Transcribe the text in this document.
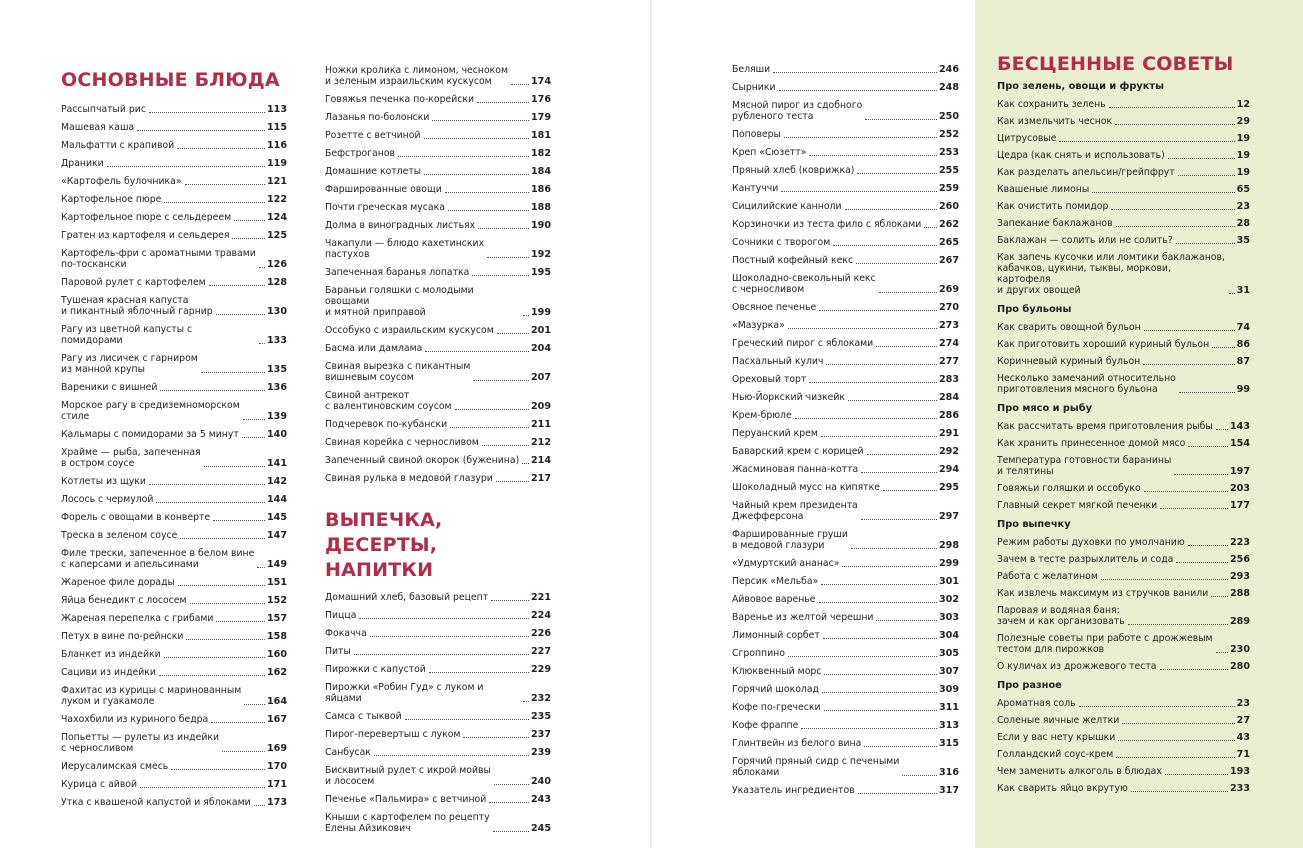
ОСНОВНЫЕ БЛЮДА
Рассыпчатый рис	113
Машевая каша	115
Мальфатти с крапивой	116
Драники	119
«Картофель булочника»	121
Картофельное пюре	122
Картофельное пюре с сельдереем	124
Гратен из картофеля и сельдерея	125
Картофель-фри с ароматными травами
по-тоскански	126
Паровой рулет с картофелем	128
Тушеная красная капуста
и пикантный яблочный гарнир	130
Рагу из цветной капусты с помидорами	133
Рагу из лисичек с гарниром
из манной крупы	135
Вареники с вишней	136
Морское рагу в средиземноморском
стиле	139
Кальмары с помидорами за 5 минут	140
Храйме — рыба, запеченная
в остром соусе	141
Котлеты из щуки	142
Лосось с чермулой	144
Форель с овощами в конверте	145
Треска в зеленом соусе	147
Филе трески, запеченное в белом вине
с каперсами и апельсинами	149
Жареное филе дорады	151
Яйца бенедикт с лососем	152
Жареная перепелка с грибами	157
Петух в вине по-рейнски	158
Бланкет из индейки	160
Сациви из индейки	162
Фахитас из курицы с маринованным
луком и гуакамоле	164
Чахохбили из куриного бедра	167
Попьетты — рулеты из индейки
с черносливом	169
Иерусалимская смесь	170
Курица с айвой	171
Утка с квашеной капустой и яблоками 173
Ножки кролика с лимоном, чесноком
и зеленым израильским кускусом	174
Говяжья печенка по-корейски	176
Лазанья по-болонски	179
Розетте с ветчиной	181
Бефстроганов	182
Домашние котлеты	184
Фаршированные овощи	186
Почти греческая мусака	188
Долма в виноградных листьях	190
Чакапули — блюдо кахетинских
пастухов	192
Запеченная баранья лопатка	195
Бараньи голяшки с молодыми овощами
и мятной приправой	199
Оссобуко с израильским кускусом	201
Басма или дамлама	204
Свиная вырезка с пикантным
вишневым соусом	207
Свиной антрекот
с валентиновским соусом	209
Подчеревок по-кубански	211
Свиная корейка с черносливом	212
Запеченный свиной окорок (буженина) 214
Свиная рулька в медовой глазури	217
ВЫПЕЧКА,
ДЕСЕРТЫ, НАПИТКИ
Домашний хлеб, базовый рецепт	221
Пицца	224
Фокачча	226
Питы	227
Пирожки с капустой	229
Пирожки «Робин Гуд» с луком и яйцами	232
Самса с тыквой	235
Пирог-перевертыш с луком	237
Санбусак	239
Бисквитный рулет с икрой мойвы
и лососем	240
Печенье «Пальмира» с ветчиной	243
Кныши с картофелем по рецепту
Елены Айзикович	245
Беляши	246
Сырники	248
Мясной пирог из сдобного
рубленого теста	250
Поповеры	252
Креп «Сюзетт»	253
Пряный хлеб (коврижка)	255
Кантуччи	259
Сицилийские канноли	260
Корзиночки из теста фило с яблоками 262
Сочники с творогом	265
Постный кофейный кекс	267
Шоколадно-свекольный кекс
с черносливом	269
Овсяное печенье	270
«Мазурка»	273
Греческий пирог с яблоками	274
Пасхальный кулич	277
Ореховый торт	283
Нью-Йоркский чизкейк	284
Крем-брюле	286
Перуанский крем	291
Баварский крем с корицей	292
Жасминовая панна-котта	294
Шоколадный мусс на кипятке	295
Чайный крем президента
Джефферсона	297
Фаршированные груши
в медовой глазури	298
«Удмуртский ананас»	299
Персик «Мельба»	301
Айвовое варенье	302
Варенье из желтой черешни	303
Лимонный сорбет	304
Сгроппино	305
Клюквенный морс	307
Горячий шоколад	309
Кофе по-гречески	311
Кофе фраппе	313
Глинтвейн из белого вина	315
Горячий пряный сидр с печеными
яблоками	316
Указатель ингредиентов	317
БЕСЦЕННЫЕ СОВЕТЫ
Про зелень, овощи и фрукты
Как сохранить зелень	12
Как измельчить чеснок	29
Цитрусовые	19
Цедра (как снять и использовать)	19
Как разделать апельсин/грейпфрут	19
Квашеные лимоны	65
Как очистить помидор	23
Запекание баклажанов	28
Баклажан — солить или не солить?	35
Как запечь кусочки или ломтики баклажанов,
кабачков, цукини, тыквы, моркови, картофеля
и других овощей	31
Про бульоны
Как сварить овощной бульон	74
Как приготовить хороший куриный бульон	86
Коричневый куриный бульон	87
Несколько замечаний относительно
приготовления мясного бульона	99
Про мясо и рыбу
Как рассчитать время приготовления рыбы 143
Как хранить принесенное домой мясо	154
Температура готовности баранины
и телятины	197
Говяжьи голяшки и оссобуко	203
Главный секрет мягкой печенки	177
Про выпечку
Режим работы духовки по умолчанию	223
Зачем в тесте разрыхлитель и сода	256
Работа с желатином	293
Как извлечь максимум из стручков ванили 288
Паровая и водяная баня:
зачем и как организовать	289
Полезные советы при работе с дрожжевым
тестом для пирожков	230
О куличах из дрожжевого теста	280
Про разное
Ароматная соль	23
Соленые яичные желтки	27
Если у вас нету крышки	43
Голландский соус-крем	71
Чем заменить алкоголь в блюдах	193
Как сварить яйцо вкрутую	233
